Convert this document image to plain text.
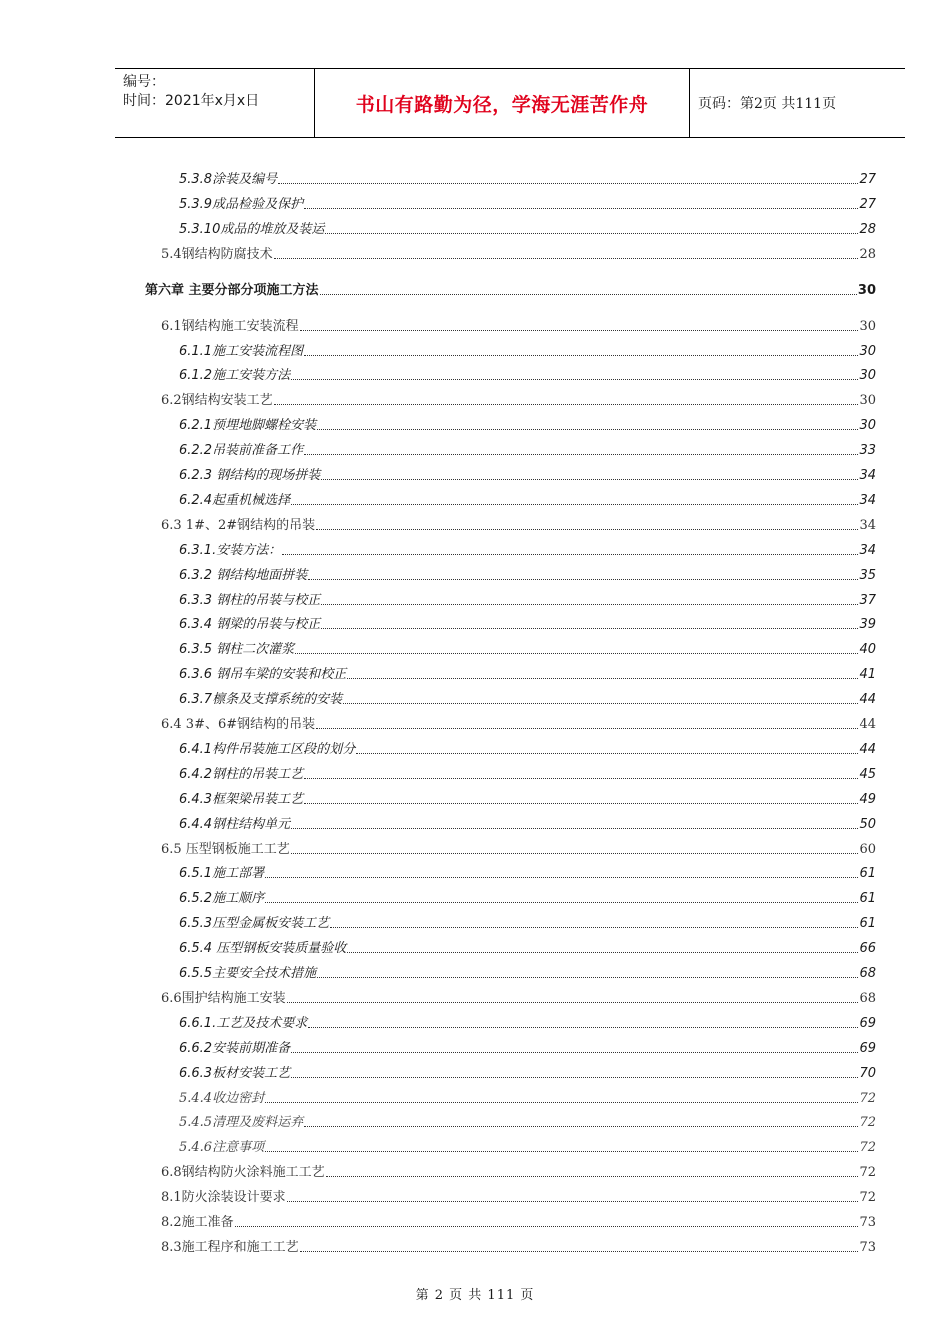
编号：
时间：2021年x月x日	书山有路勤为径，学海无涯苦作舟	页码：第2页 共111页
5.3.8涂装及编号	27
5.3.9成品检验及保护	27
5.3.10成品的堆放及装运	28
5.4钢结构防腐技术	28
第六章 主要分部分项施工方法	30
6.1钢结构施工安装流程	30
6.1.1施工安装流程图	30
6.1.2施工安装方法	30
6.2钢结构安装工艺	30
6.2.1预埋地脚螺栓安装	30
6.2.2吊装前准备工作	33
6.2.3 钢结构的现场拼装	34
6.2.4起重机械选择	34
6.3 1#、2#钢结构的吊装	34
6.3.1.安装方法：	34
6.3.2 钢结构地面拼装	35
6.3.3 钢柱的吊装与校正	37
6.3.4 钢梁的吊装与校正	39
6.3.5 钢柱二次灌浆	40
6.3.6 钢吊车梁的安装和校正	41
6.3.7檩条及支撑系统的安装	44
6.4 3#、6#钢结构的吊装	44
6.4.1构件吊装施工区段的划分	44
6.4.2钢柱的吊装工艺	45
6.4.3框架梁吊装工艺	49
6.4.4钢柱结构单元	50
6.5 压型钢板施工工艺	60
6.5.1施工部署	61
6.5.2施工顺序	61
6.5.3压型金属板安装工艺	61
6.5.4 压型钢板安装质量验收	66
6.5.5主要安全技术措施	68
6.6围护结构施工安装	68
6.6.1.工艺及技术要求	69
6.6.2安装前期准备	69
6.6.3板材安装工艺	70
5.4.4收边密封	72
5.4.5清理及废料运弃	72
5.4.6注意事项	72
6.8钢结构防火涂料施工工艺	72
8.1防火涂装设计要求	72
8.2施工准备	73
8.3施工程序和施工工艺	73
第 2 页 共 111 页
